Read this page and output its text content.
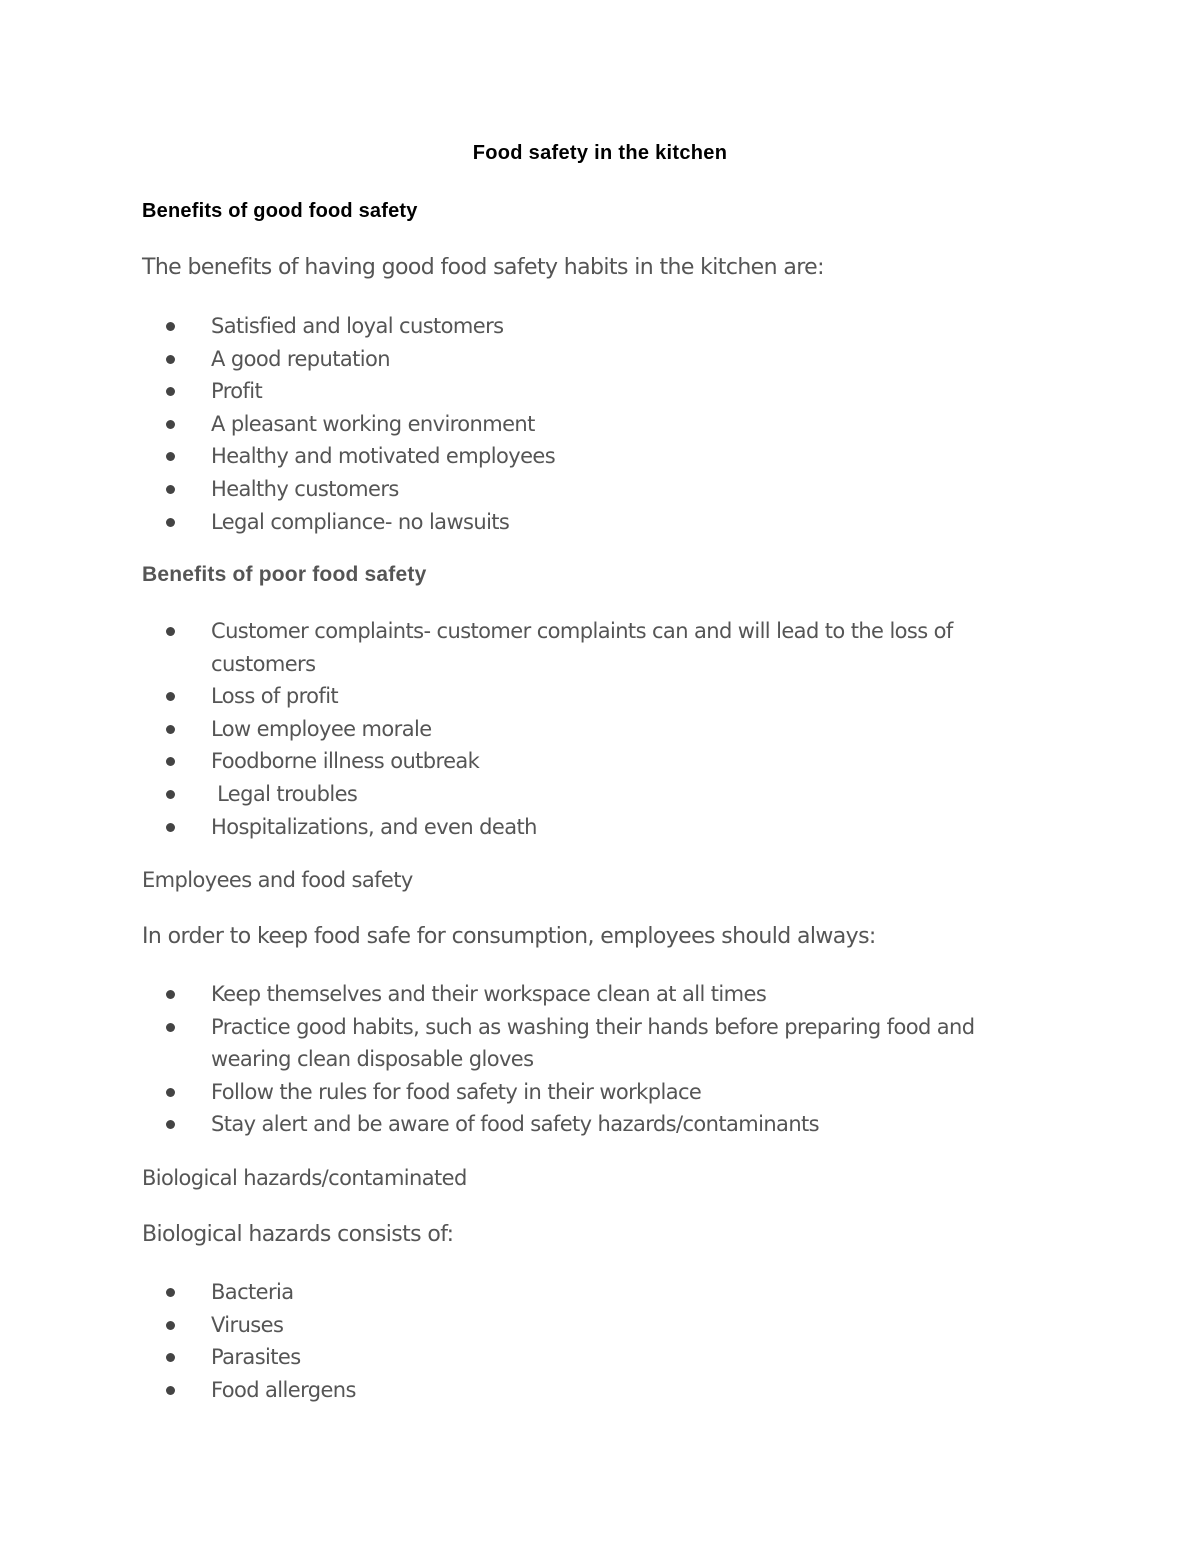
Food safety in the kitchen
Benefits of good food safety

The benefits of having good food safety habits in the kitchen are:

Satisfied and loyal customers
A good reputation
Profit
A pleasant working environment
Healthy and motivated employees
Healthy customers
Legal compliance- no lawsuits
Benefits of poor food safety
Customer complaints- customer complaints can and will lead to the loss of customers
Loss of profit
Low employee morale
Foodborne illness outbreak
Legal troubles
Hospitalizations, and even death
Employees and food safety

In order to keep food safe for consumption, employees should always:

Keep themselves and their workspace clean at all times
Practice good habits, such as washing their hands before preparing food and wearing clean disposable gloves
Follow the rules for food safety in their workplace
Stay alert and be aware of food safety hazards/contaminants
Biological hazards/contaminated

Biological hazards consists of:

Bacteria
Viruses
Parasites
Food allergens
